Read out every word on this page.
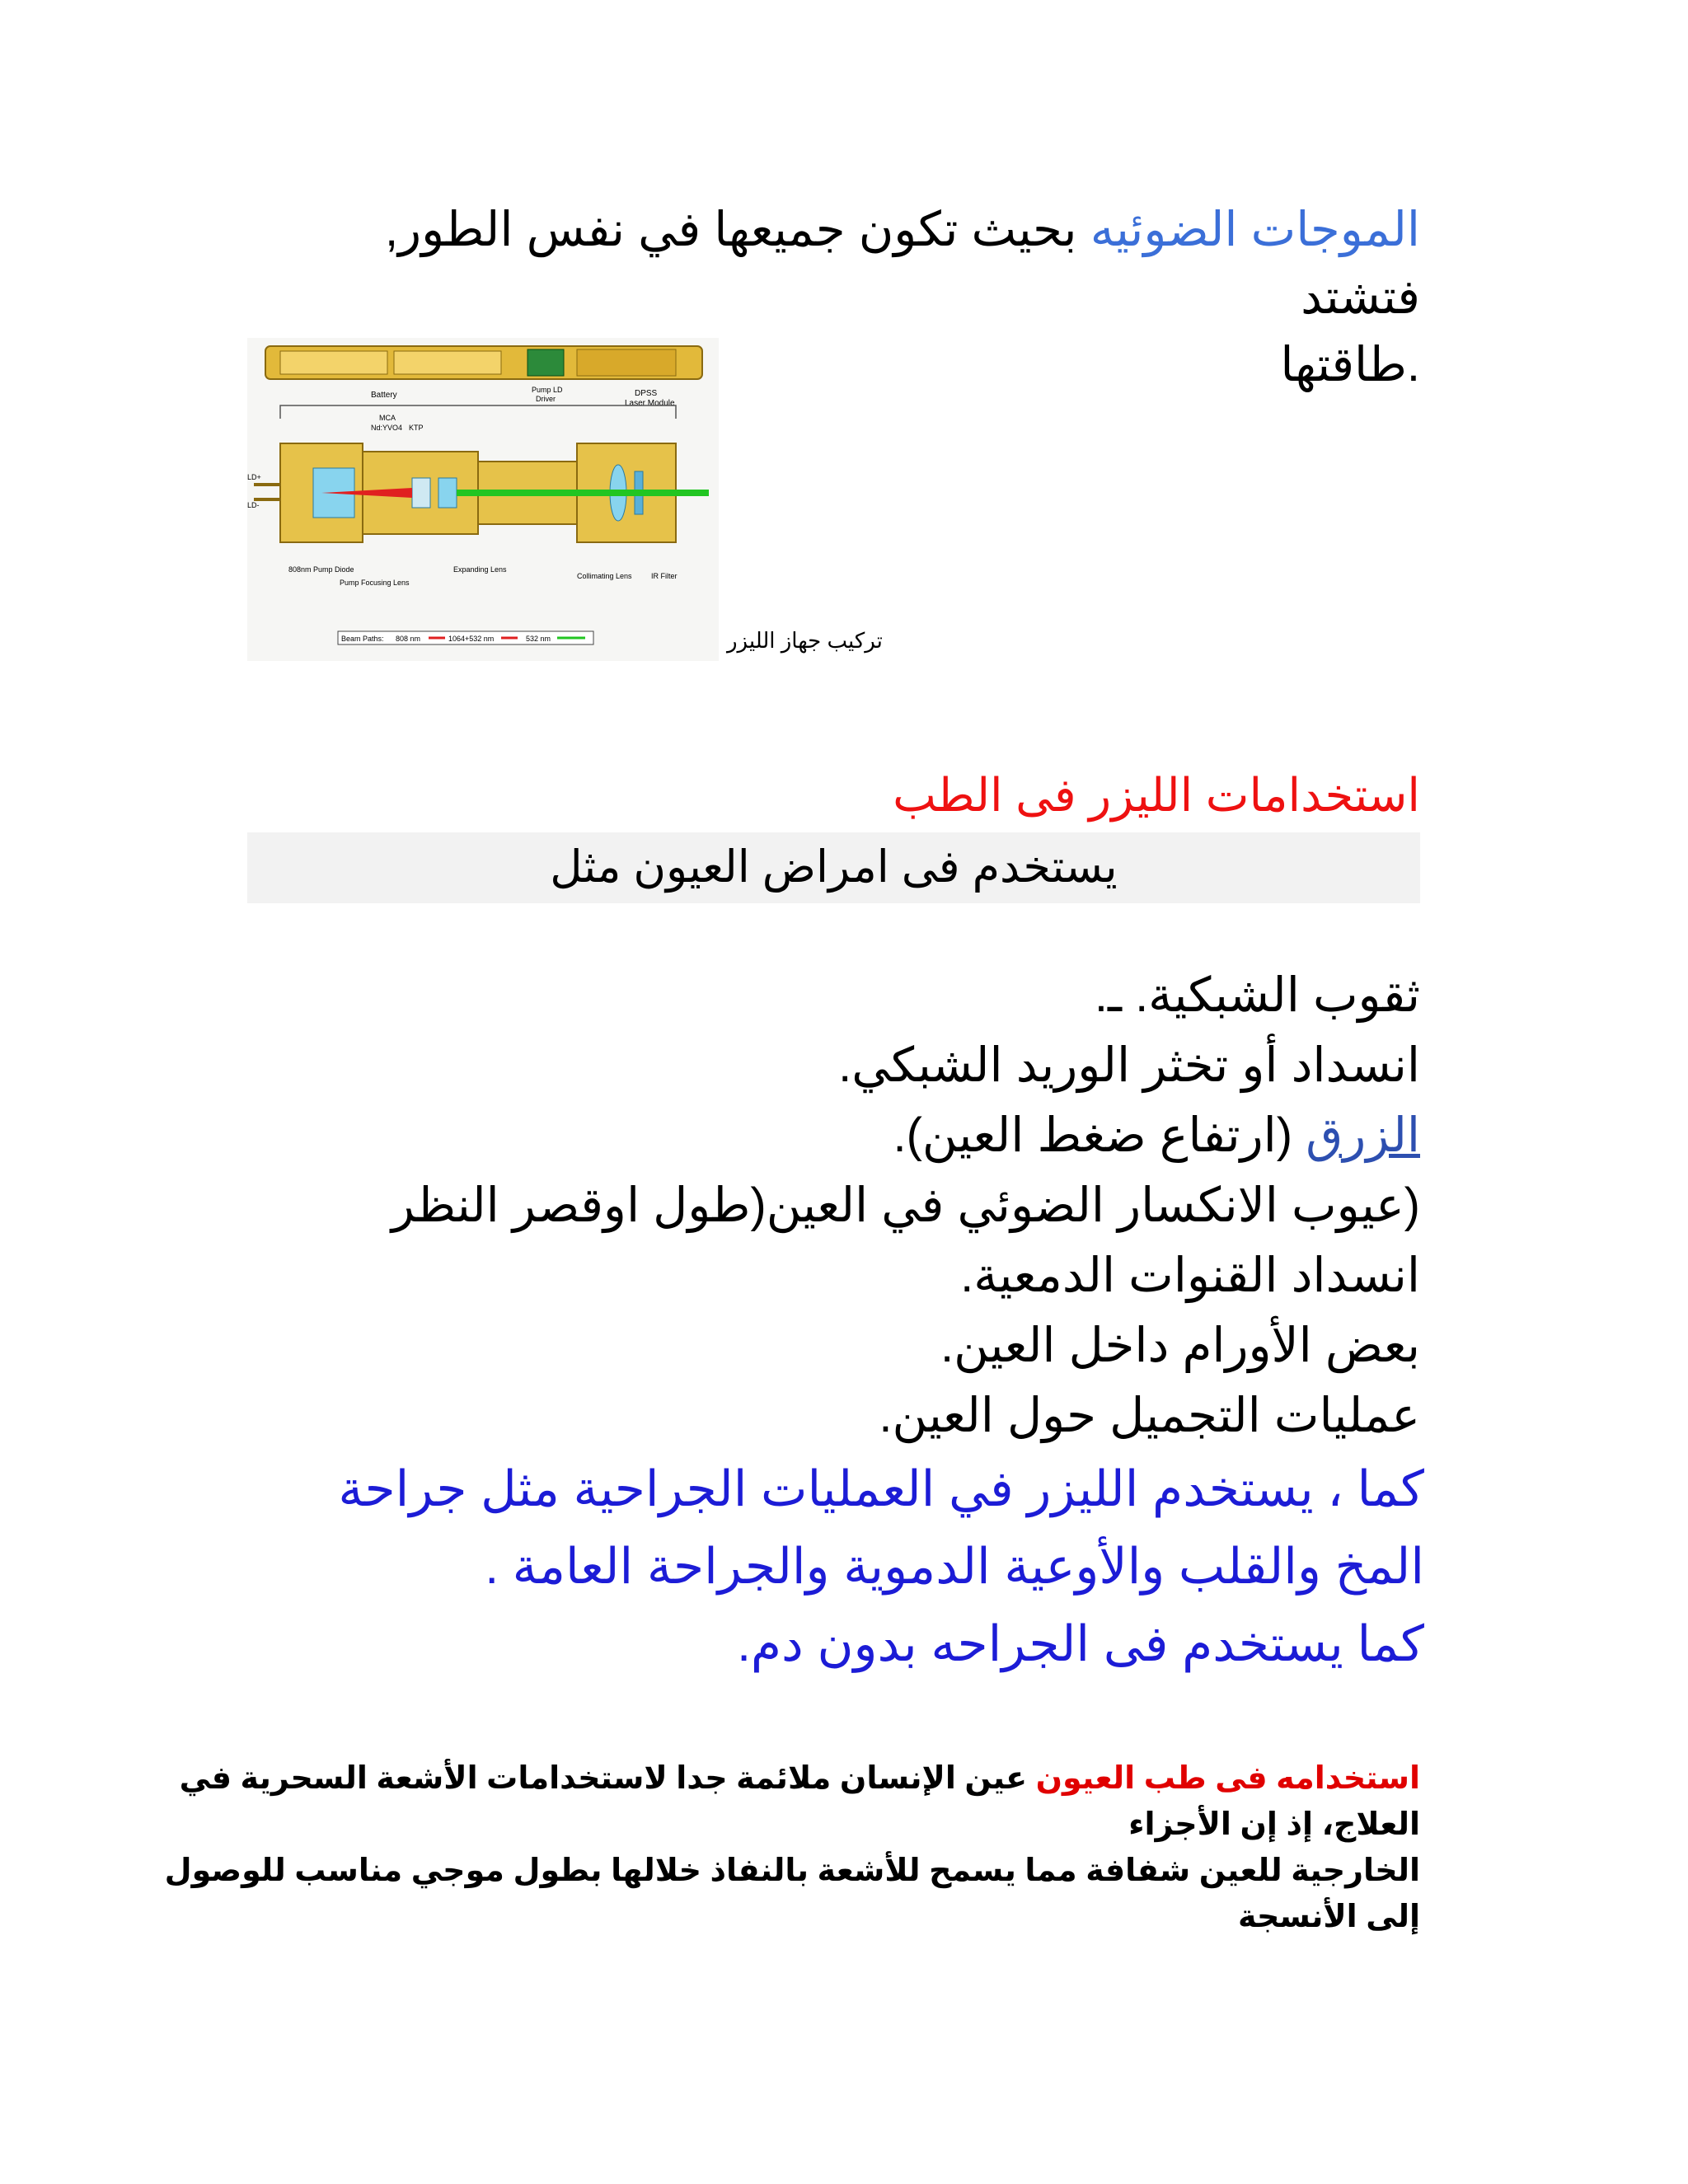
الموجات الضوئيه بحيث تكون جميعها في نفس الطور, فتشتد
.طاقتها
Battery
Pump LD
Driver
DPSS
Laser Module
MCA
Nd:YVO4 KTP
LD+
LD-
808nm Pump Diode
Pump Focusing Lens
Expanding Lens
Collimating Lens	IR Filter
Beam Paths: 808 nm	1064+532 nm	532 nm	تركيب جهاز الليزر
استخدامات الليزر فى الطب
يستخدم فى امراض العيون مثل
ثقوب الشبكية. ـ.
انسداد أو تخثر الوريد الشبكي.
الزرق (ارتفاع ضغط العين).
(عيوب الانكسار الضوئي في العين(طول اوقصر النظر
انسداد القنوات الدمعية.
بعض الأورام داخل العين.
عمليات التجميل حول العين.
كما ، يستخدم الليزر في العمليات الجراحية مثل جراحة
المخ والقلب والأوعية الدموية والجراحة العامة .
كما يستخدم فى الجراحه بدون دم.
استخدامه فى طب العيون عين الإنسان ملائمة جدا لاستخدامات الأشعة السحرية في
العلاج، إذ إن الأجزاء
الخارجية للعين شفافة مما يسمح للأشعة بالنفاذ خلالها بطول موجي مناسب للوصول
إلى الأنسجة
